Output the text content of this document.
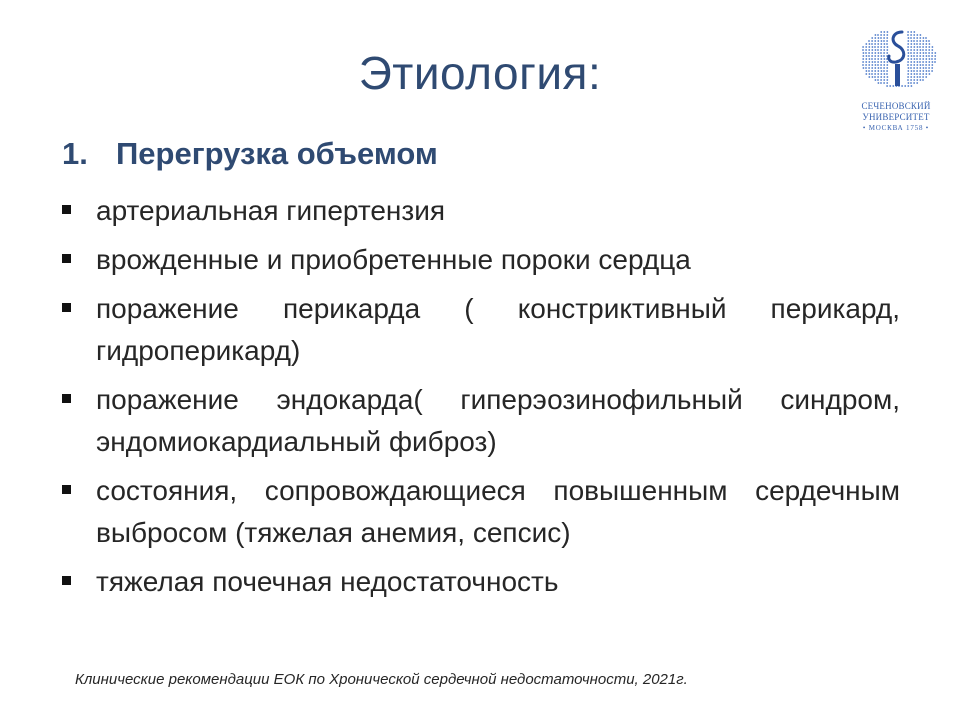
Этиология:
СЕЧЕНОВСКИЙ
УНИВЕРСИТЕТ
• МОСКВА 1758 •
1. Перегрузка объемом
артериальная гипертензия
врожденные и приобретенные пороки сердца
поражение перикарда ( констриктивный перикард, гидроперикард)
поражение эндокарда( гиперэозинофильный синдром, эндомиокардиальный фиброз)
состояния, сопровождающиеся повышенным сердечным выбросом (тяжелая анемия, сепсис)
тяжелая почечная недостаточность
Клинические рекомендации ЕОК по Хронической сердечной недостаточности, 2021г.
